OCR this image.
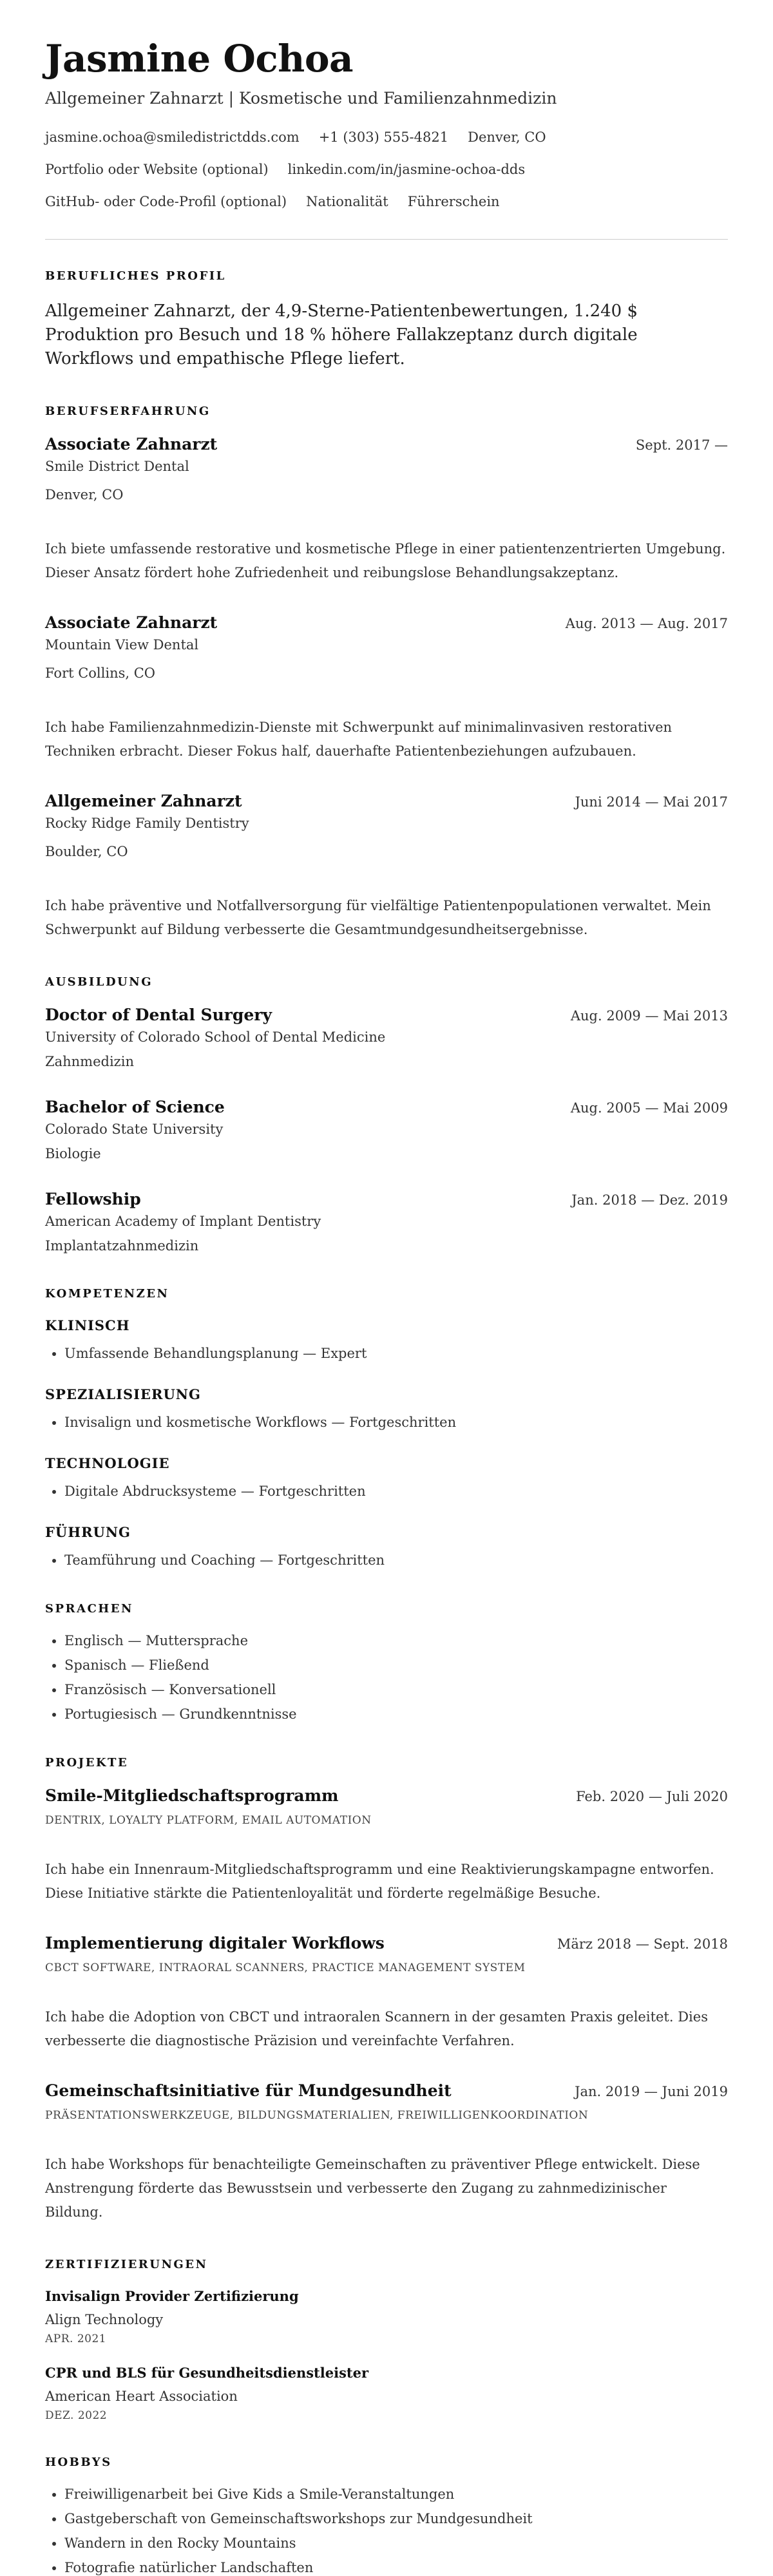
Jasmine Ochoa
Allgemeiner Zahnarzt | Kosmetische und Familienzahnmedizin
jasmine.ochoa@smiledistrictdds.com +1 (303) 555-4821 Denver, CO
Portfolio oder Website (optional) linkedin.com/in/jasmine-ochoa-dds
GitHub- oder Code-Profil (optional) Nationalität Führerschein
BERUFLICHES PROFIL
Allgemeiner Zahnarzt, der 4,9-Sterne-Patientenbewertungen, 1.240 $ Produktion pro Besuch und 18 % höhere Fallakzeptanz durch digitale Workflows und empathische Pflege liefert.
BERUFSERFAHRUNG
Associate Zahnarzt	Sept. 2017 —
Smile District Dental
Denver, CO
Ich biete umfassende restorative und kosmetische Pflege in einer patientenzentrierten Umgebung. Dieser Ansatz fördert hohe Zufriedenheit und reibungslose Behandlungsakzeptanz.
Associate Zahnarzt	Aug. 2013 — Aug. 2017
Mountain View Dental
Fort Collins, CO
Ich habe Familienzahnmedizin-Dienste mit Schwerpunkt auf minimalinvasiven restorativen Techniken erbracht. Dieser Fokus half, dauerhafte Patientenbeziehungen aufzubauen.
Allgemeiner Zahnarzt	Juni 2014 — Mai 2017
Rocky Ridge Family Dentistry
Boulder, CO
Ich habe präventive und Notfallversorgung für vielfältige Patientenpopulationen verwaltet. Mein Schwerpunkt auf Bildung verbesserte die Gesamtmundgesundheitsergebnisse.
AUSBILDUNG
Doctor of Dental Surgery	Aug. 2009 — Mai 2013
University of Colorado School of Dental Medicine
Zahnmedizin
Bachelor of Science	Aug. 2005 — Mai 2009
Colorado State University
Biologie
Fellowship	Jan. 2018 — Dez. 2019
American Academy of Implant Dentistry
Implantatzahnmedizin
KOMPETENZEN
KLINISCH
• Umfassende Behandlungsplanung — Expert
SPEZIALISIERUNG
• Invisalign und kosmetische Workflows — Fortgeschritten
TECHNOLOGIE
• Digitale Abdrucksysteme — Fortgeschritten
FÜHRUNG
• Teamführung und Coaching — Fortgeschritten
SPRACHEN
• Englisch — Muttersprache
• Spanisch — Fließend
• Französisch — Konversationell
• Portugiesisch — Grundkenntnisse
PROJEKTE
Smile-Mitgliedschaftsprogramm	Feb. 2020 — Juli 2020
DENTRIX, LOYALTY PLATFORM, EMAIL AUTOMATION
Ich habe ein Innenraum-Mitgliedschaftsprogramm und eine Reaktivierungskampagne entworfen. Diese Initiative stärkte die Patientenloyalität und förderte regelmäßige Besuche.
Implementierung digitaler Workflows	März 2018 — Sept. 2018
CBCT SOFTWARE, INTRAORAL SCANNERS, PRACTICE MANAGEMENT SYSTEM
Ich habe die Adoption von CBCT und intraoralen Scannern in der gesamten Praxis geleitet. Dies verbesserte die diagnostische Präzision und vereinfachte Verfahren.
Gemeinschaftsinitiative für Mundgesundheit	Jan. 2019 — Juni 2019
PRÄSENTATIONSWERKZEUGE, BILDUNGSMATERIALIEN, FREIWILLIGENKOORDINATION
Ich habe Workshops für benachteiligte Gemeinschaften zu präventiver Pflege entwickelt. Diese Anstrengung förderte das Bewusstsein und verbesserte den Zugang zu zahnmedizinischer Bildung.
ZERTIFIZIERUNGEN
Invisalign Provider Zertifizierung
Align Technology
APR. 2021
CPR und BLS für Gesundheitsdienstleister
American Heart Association
DEZ. 2022
HOBBYS
• Freiwilligenarbeit bei Give Kids a Smile-Veranstaltungen
• Gastgeberschaft von Gemeinschaftsworkshops zur Mundgesundheit
• Wandern in den Rocky Mountains
• Fotografie natürlicher Landschaften
